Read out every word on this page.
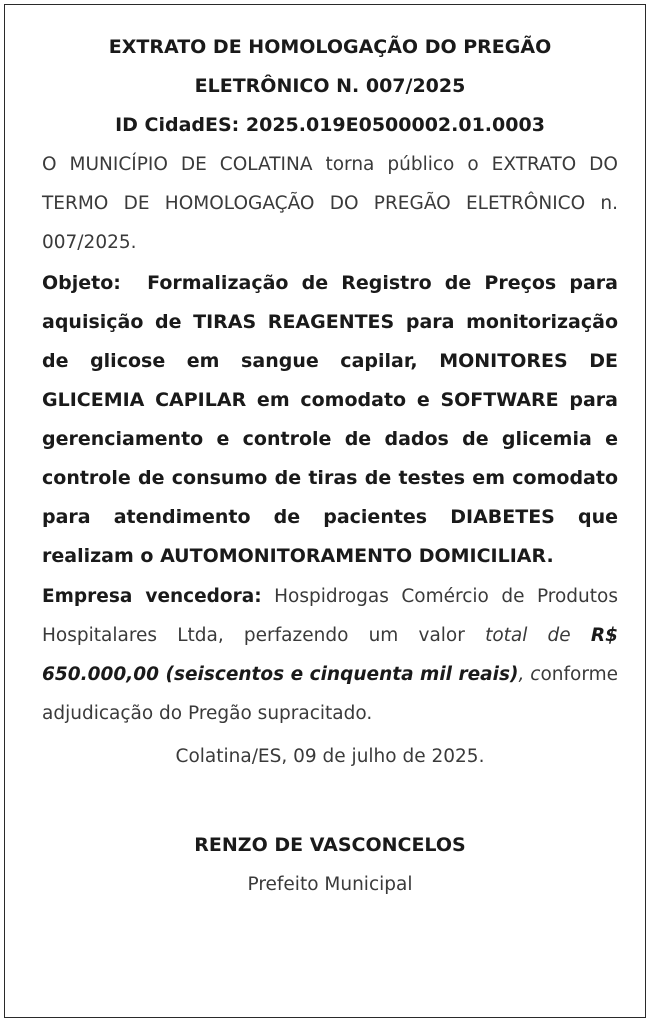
EXTRATO DE HOMOLOGAÇÃO DO PREGÃO
ELETRÔNICO N. 007/2025
ID CidadES: 2025.019E0500002.01.0003

O MUNICÍPIO DE COLATINA torna público o EXTRATO DO TERMO DE HOMOLOGAÇÃO DO PREGÃO ELETRÔNICO n. 007/2025.

Objeto: Formalização de Registro de Preços para aquisição de TIRAS REAGENTES para monitorização de glicose em sangue capilar, MONITORES DE GLICEMIA CAPILAR em comodato e SOFTWARE para gerenciamento e controle de dados de glicemia e controle de consumo de tiras de testes em comodato para atendimento de pacientes DIABETES que realizam o AUTOMONITORAMENTO DOMICILIAR.

Empresa vencedora: Hospidrogas Comércio de Produtos Hospitalares Ltda, perfazendo um valor total de R$ 650.000,00 (seiscentos e cinquenta mil reais), conforme adjudicação do Pregão supracitado.

Colatina/ES, 09 de julho de 2025.

RENZO DE VASCONCELOS

Prefeito Municipal
